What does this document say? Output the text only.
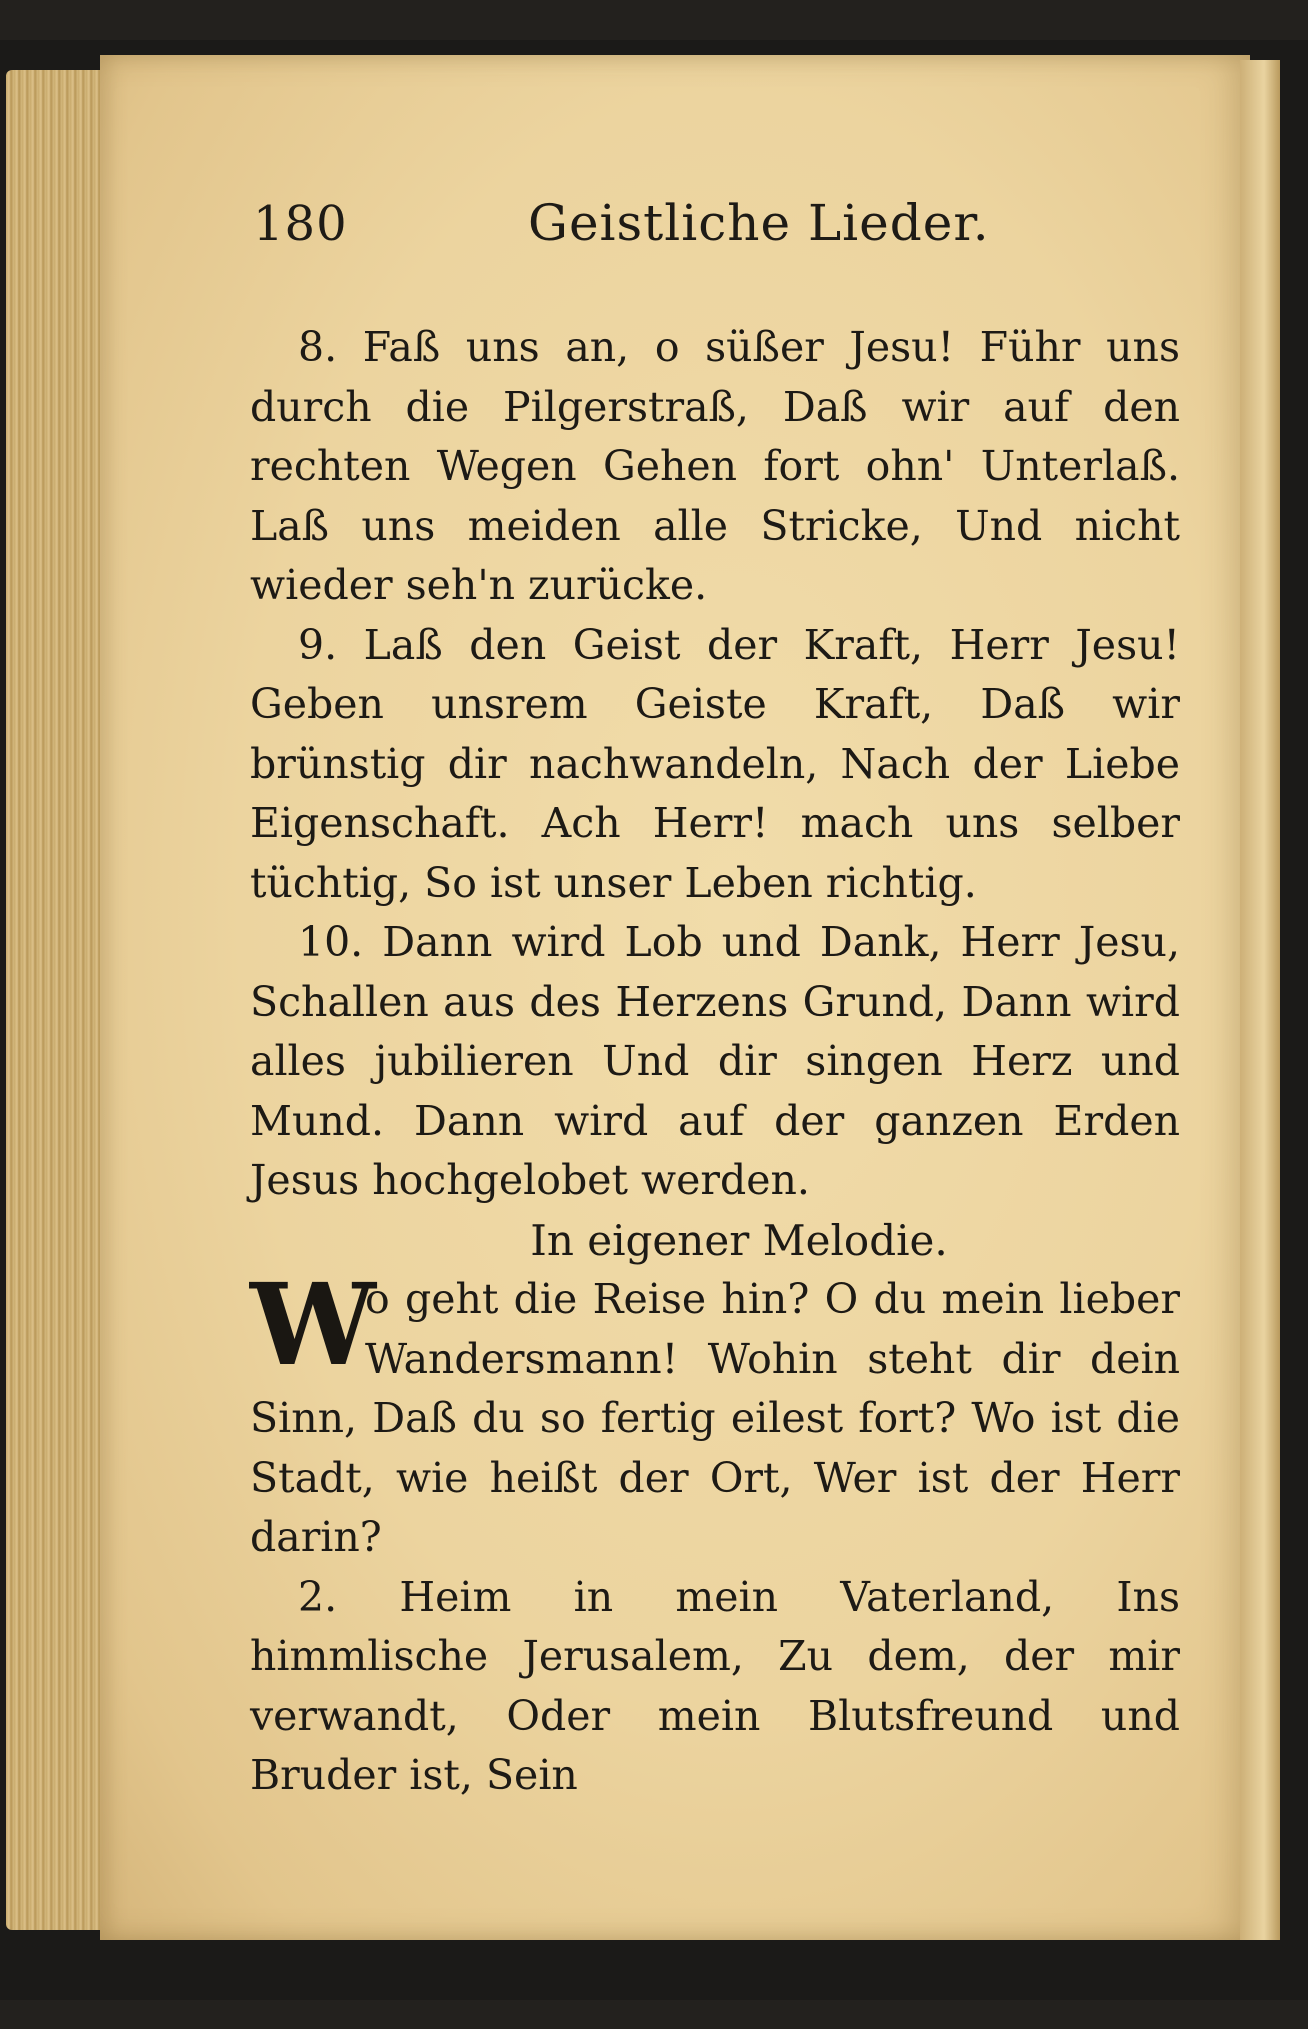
180	Geistliche Lieder.

8. Faß uns an, o süßer Jesu! Führ uns durch die Pilgerstraß, Daß wir auf den rechten Wegen Gehen fort ohn' Unterlaß. Laß uns meiden alle Stricke, Und nicht wieder seh'n zurücke.

9. Laß den Geist der Kraft, Herr Jesu! Geben unsrem Geiste Kraft, Daß wir brünstig dir nachwandeln, Nach der Liebe Eigenschaft. Ach Herr! mach uns selber tüchtig, So ist unser Leben richtig.

10. Dann wird Lob und Dank, Herr Jesu, Schallen aus des Herzens Grund, Dann wird alles jubilieren Und dir singen Herz und Mund. Dann wird auf der ganzen Erden Jesus hochgelobet werden.

In eigener Melodie.

W
o geht die Reise hin? O du mein lieber Wandersmann! Wohin steht dir dein Sinn, Daß du so fertig eilest fort? Wo ist die Stadt, wie heißt der Ort, Wer ist der Herr darin?

2. Heim in mein Vaterland, Ins himmlische Jerusalem, Zu dem, der mir verwandt, Oder mein Blutsfreund und Bruder ist, Sein
